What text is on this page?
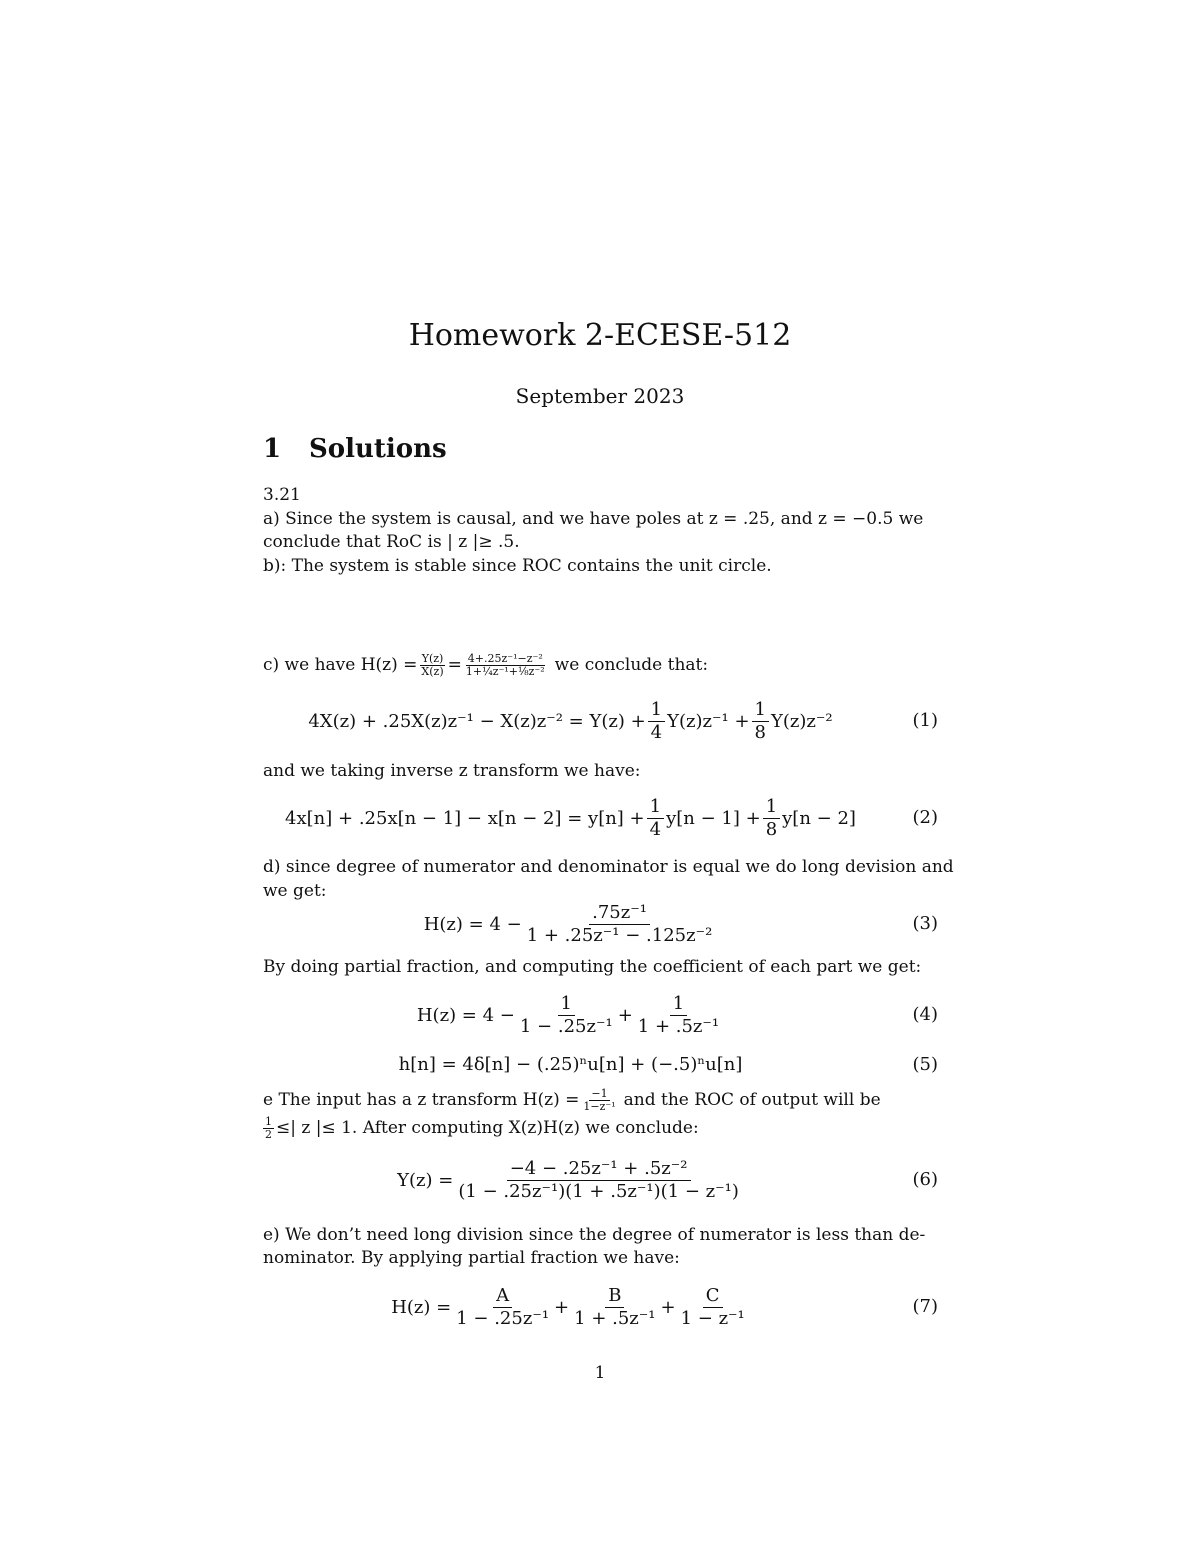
Homework 2-ECESE-512
September 2023
1 Solutions
3.21
a) Since the system is causal, and we have poles at z = .25, and z = −0.5 we
conclude that RoC is | z |≥ .5.
b): The system is stable since ROC contains the unit circle.
c) we have $H(z) = \frac{Y(z)}{X(z)} = \frac{\text{4+.25z⁻¹−z⁻²}}{\text{1+¼z⁻¹+⅛z⁻²}}$ we conclude that:
$4X(z) + .25X(z)z^{-1} - X(z)z^{-2} = Y(z) + \frac{1}{4} Y(z)z^{-1} + \frac{1}{8} Y(z)z^{-2}$	(1)
and we taking inverse z transform we have:
$4x[n] + .25x[n - 1] - x[n - 2] = y[n] + \frac{1}{4} y[n - 1] + \frac{1}{8} y[n - 2]$	(2)
d) since degree of numerator and denominator is equal we do long devision and
we get:
$H(z) = 4 - \frac{\text{.75z⁻¹}}{\text{1 + .25z⁻¹ − .125z⁻²}}$	(3)
By doing partial fraction, and computing the coefficient of each part we get:
$H(z) = 4 - \frac{1}{\text{1 − .25z⁻¹}} + \frac{1}{\text{1 + .5z⁻¹}}$	(4)
h[n] = 4δ[n] − (.25)ⁿu[n] + (−.5)ⁿu[n]	(5)
e The input has a z transform $H(z) = \frac{-1}{\text{1−z⁻¹}}$ and the ROC of output will be
$\frac{1}{2}$ ≤| z |≤ 1. After computing X(z)H(z) we conclude:
$Y(z) = \frac{\text{−4 − .25z⁻¹ + .5z⁻²}}{\text{(1 − .25z⁻¹)(1 + .5z⁻¹)(1 − z⁻¹)}}$	(6)
e) We don’t need long division since the degree of numerator is less than de-
nominator. By applying partial fraction we have:
$H(z) = \frac{A}{\text{1 − .25z⁻¹}} + \frac{B}{\text{1 + .5z⁻¹}} + \frac{C}{\text{1 − z⁻¹}}$	(7)
1
